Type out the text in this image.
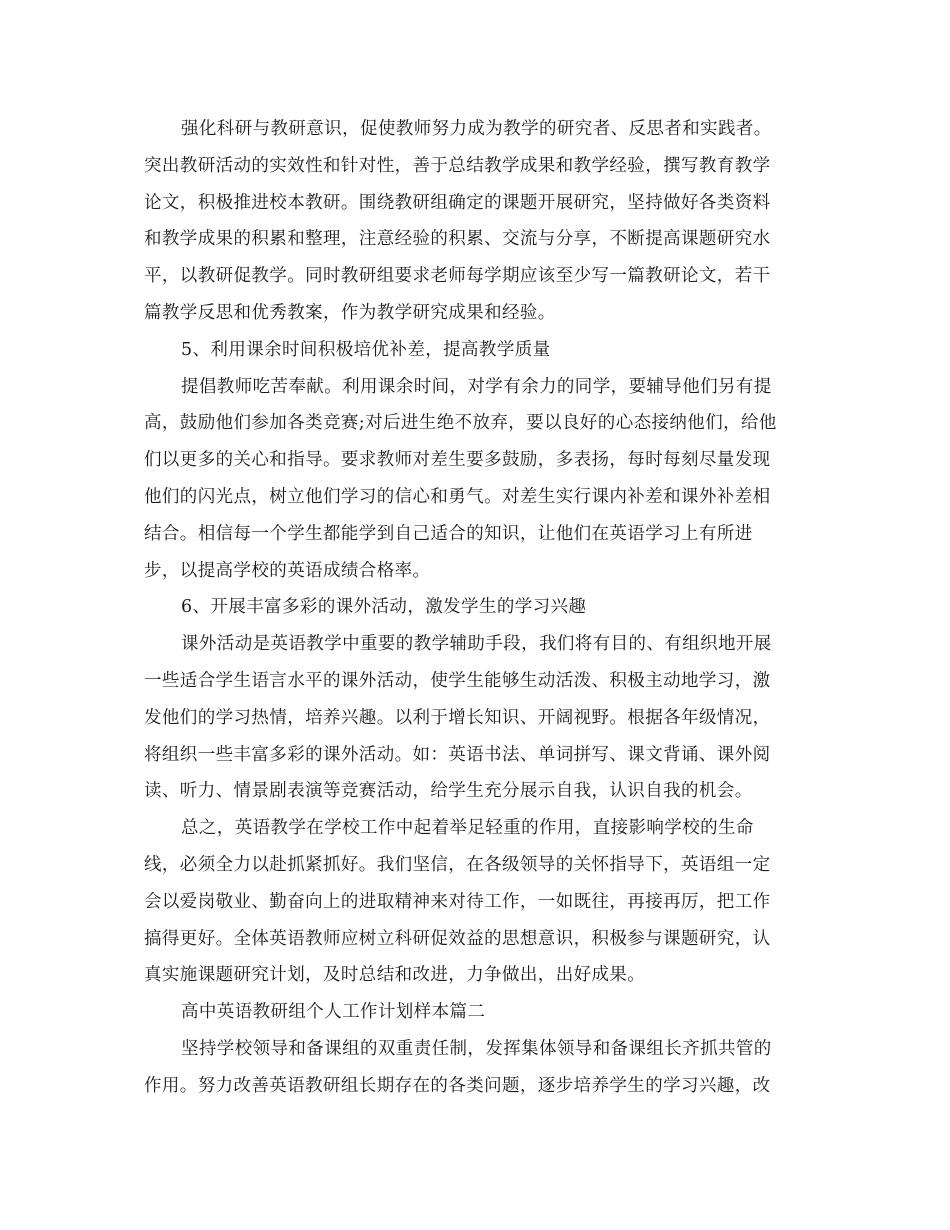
强化科研与教研意识，促使教师努力成为教学的研究者、反思者和实践者。
突出教研活动的实效性和针对性，善于总结教学成果和教学经验，撰写教育教学
论文，积极推进校本教研。围绕教研组确定的课题开展研究，坚持做好各类资料
和教学成果的积累和整理，注意经验的积累、交流与分享，不断提高课题研究水
平，以教研促教学。同时教研组要求老师每学期应该至少写一篇教研论文，若干
篇教学反思和优秀教案，作为教学研究成果和经验。
5、利用课余时间积极培优补差，提高教学质量
提倡教师吃苦奉献。利用课余时间，对学有余力的同学，要辅导他们另有提
高，鼓励他们参加各类竞赛;对后进生绝不放弃，要以良好的心态接纳他们，给他
们以更多的关心和指导。要求教师对差生要多鼓励，多表扬，每时每刻尽量发现
他们的闪光点，树立他们学习的信心和勇气。对差生实行课内补差和课外补差相
结合。相信每一个学生都能学到自己适合的知识，让他们在英语学习上有所进
步，以提高学校的英语成绩合格率。
6、开展丰富多彩的课外活动，激发学生的学习兴趣
课外活动是英语教学中重要的教学辅助手段，我们将有目的、有组织地开展
一些适合学生语言水平的课外活动，使学生能够生动活泼、积极主动地学习，激
发他们的学习热情，培养兴趣。以利于增长知识、开阔视野。根据各年级情况，
将组织一些丰富多彩的课外活动。如：英语书法、单词拼写、课文背诵、课外阅
读、听力、情景剧表演等竞赛活动，给学生充分展示自我，认识自我的机会。
总之，英语教学在学校工作中起着举足轻重的作用，直接影响学校的生命
线，必须全力以赴抓紧抓好。我们坚信，在各级领导的关怀指导下，英语组一定
会以爱岗敬业、勤奋向上的进取精神来对待工作，一如既往，再接再厉，把工作
搞得更好。全体英语教师应树立科研促效益的思想意识，积极参与课题研究，认
真实施课题研究计划，及时总结和改进，力争做出，出好成果。
高中英语教研组个人工作计划样本篇二
坚持学校领导和备课组的双重责任制，发挥集体领导和备课组长齐抓共管的
作用。努力改善英语教研组长期存在的各类问题，逐步培养学生的学习兴趣，改
